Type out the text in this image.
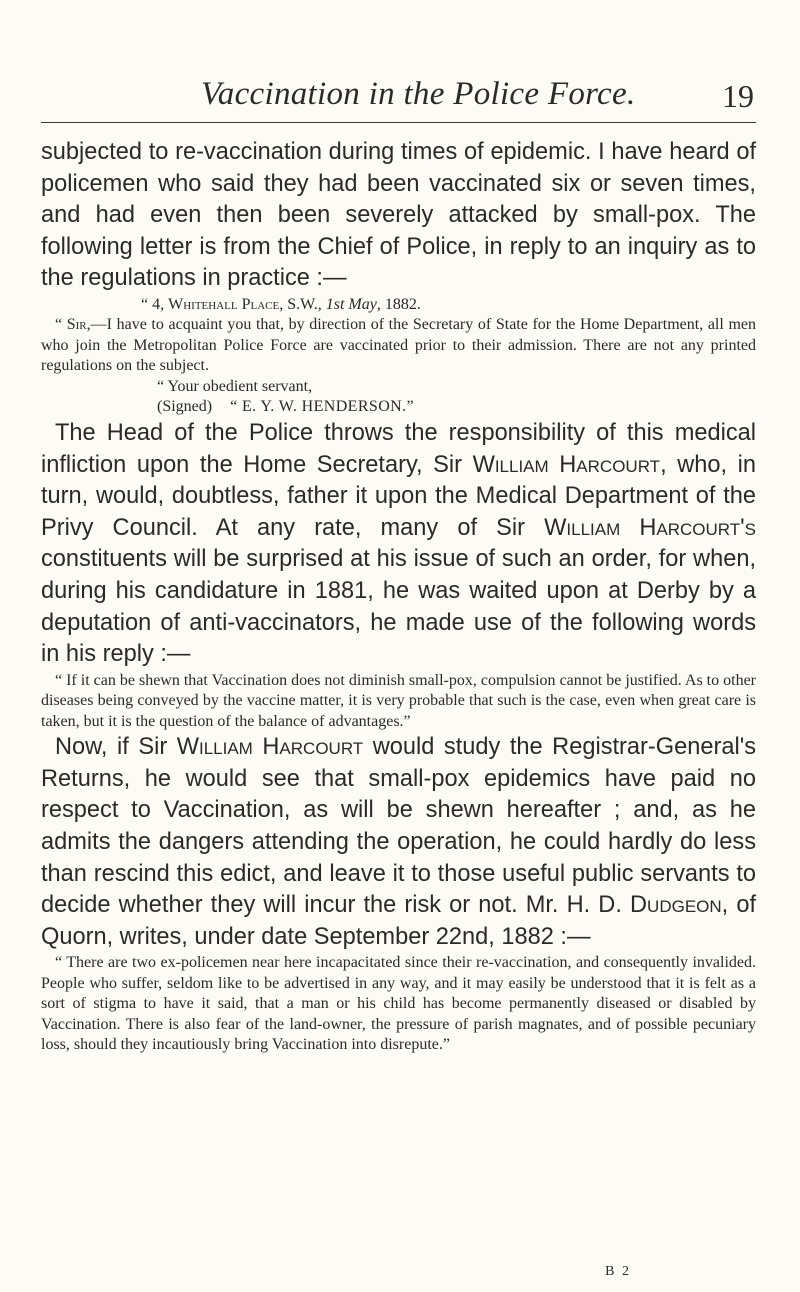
Vaccination in the Police Force.	19

subjected to re-vaccination during times of epidemic. I have heard of policemen who said they had been vaccinated six or seven times, and had even then been severely attacked by small-pox. The following letter is from the Chief of Police, in reply to an inquiry as to the regulations in practice :—

“ 4, Whitehall Place, S.W., 1st May, 1882.

“ Sir,—I have to acquaint you that, by direction of the Secretary of State for the Home Department, all men who join the Metropolitan Police Force are vaccinated prior to their admission. There are not any printed regulations on the subject.

“ Your obedient servant,

(Signed) “ E. Y. W. HENDERSON.”

The Head of the Police throws the responsibility of this medical infliction upon the Home Secretary, Sir William Harcourt, who, in turn, would, doubtless, father it upon the Medical Department of the Privy Council. At any rate, many of Sir William Harcourt's constituents will be surprised at his issue of such an order, for when, during his candidature in 1881, he was waited upon at Derby by a deputation of anti-vaccinators, he made use of the following words in his reply :—

“ If it can be shewn that Vaccination does not diminish small-pox, compulsion cannot be justified. As to other diseases being conveyed by the vaccine matter, it is very probable that such is the case, even when great care is taken, but it is the question of the balance of advantages.”

Now, if Sir William Harcourt would study the Registrar-General's Returns, he would see that small-pox epidemics have paid no respect to Vaccination, as will be shewn hereafter ; and, as he admits the dangers attending the operation, he could hardly do less than rescind this edict, and leave it to those useful public servants to decide whether they will incur the risk or not. Mr. H. D. Dudgeon, of Quorn, writes, under date September 22nd, 1882 :—

“ There are two ex-policemen near here incapacitated since their re-vaccination, and consequently invalided. People who suffer, seldom like to be advertised in any way, and it may easily be understood that it is felt as a sort of stigma to have it said, that a man or his child has become permanently diseased or disabled by Vaccination. There is also fear of the land-owner, the pressure of parish magnates, and of possible pecuniary loss, should they incautiously bring Vaccination into disrepute.”

B 2
